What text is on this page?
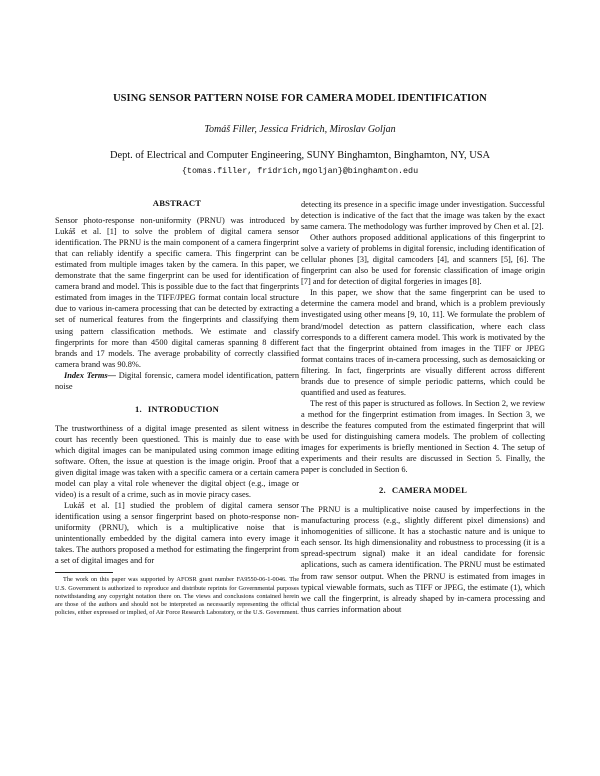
USING SENSOR PATTERN NOISE FOR CAMERA MODEL IDENTIFICATION
Tomáš Filler, Jessica Fridrich, Miroslav Goljan
Dept. of Electrical and Computer Engineering, SUNY Binghamton, Binghamton, NY, USA
{tomas.filler, fridrich,mgoljan}@binghamton.edu
ABSTRACT

Sensor photo-response non-uniformity (PRNU) was introduced by Lukáš et al. [1] to solve the problem of digital camera sensor identification. The PRNU is the main component of a camera fingerprint that can reliably identify a specific camera. This fingerprint can be estimated from multiple images taken by the camera. In this paper, we demonstrate that the same fingerprint can be used for identification of camera brand and model. This is possible due to the fact that fingerprints estimated from images in the TIFF/JPEG format contain local structure due to various in-camera processing that can be detected by extracting a set of numerical features from the fingerprints and classifying them using pattern classification methods. We estimate and classify fingerprints for more than 4500 digital cameras spanning 8 different brands and 17 models. The average probability of correctly classified camera brand was 90.8%.

Index Terms— Digital forensic, camera model identification, pattern noise

1. INTRODUCTION

The trustworthiness of a digital image presented as silent witness in court has recently been questioned. This is mainly due to ease with which digital images can be manipulated using common image editing software. Often, the issue at question is the image origin. Proof that a given digital image was taken with a specific camera or a certain camera model can play a vital role whenever the digital object (e.g., image or video) is a result of a crime, such as in movie piracy cases.

Lukáš et al. [1] studied the problem of digital camera sensor identification using a sensor fingerprint based on photo-response non-uniformity (PRNU), which is a multiplicative noise that is unintentionally embedded by the digital camera into every image it takes. The authors proposed a method for estimating the fingerprint from a set of digital images and for

The work on this paper was supported by AFOSR grant number FA9550-06-1-0046. The U.S. Government is authorized to reproduce and distribute reprints for Governmental purposes notwithstanding any copyright notation there on. The views and conclusions contained herein are those of the authors and should not be interpreted as necessarily representing the official policies, either expressed or implied, of Air Force Research Laboratory, or the U.S. Government.

detecting its presence in a specific image under investigation. Successful detection is indicative of the fact that the image was taken by the exact same camera. The methodology was further improved by Chen et al. [2].

Other authors proposed additional applications of this fingerprint to solve a variety of problems in digital forensic, including identification of cellular phones [3], digital camcoders [4], and scanners [5], [6]. The fingerprint can also be used for forensic classification of image origin [7] and for detection of digital forgeries in images [8].

In this paper, we show that the same fingerprint can be used to determine the camera model and brand, which is a problem previously investigated using other means [9, 10, 11]. We formulate the problem of brand/model detection as pattern classification, where each class corresponds to a different camera model. This work is motivated by the fact that the fingerprint obtained from images in the TIFF or JPEG format contains traces of in-camera processing, such as demosaicking or filtering. In fact, fingerprints are visually different across different brands due to presence of simple periodic patterns, which could be quantified and used as features.

The rest of this paper is structured as follows. In Section 2, we review a method for the fingerprint estimation from images. In Section 3, we describe the features computed from the estimated fingerprint that will be used for distinguishing camera models. The problem of collecting images for experiments is briefly mentioned in Section 4. The setup of experiments and their results are discussed in Section 5. Finally, the paper is concluded in Section 6.

2. CAMERA MODEL

The PRNU is a multiplicative noise caused by imperfections in the manufacturing process (e.g., slightly different pixel dimensions) and inhomogenities of sillicone. It has a stochastic nature and is unique to each sensor. Its high dimensionality and robustness to processing (it is a spread-spectrum signal) make it an ideal candidate for forensic aplications, such as camera identification. The PRNU must be estimated from raw sensor output. When the PRNU is estimated from images in typical viewable formats, such as TIFF or JPEG, the estimate (1), which we call the fingerprint, is already shaped by in-camera processing and thus carries information about
